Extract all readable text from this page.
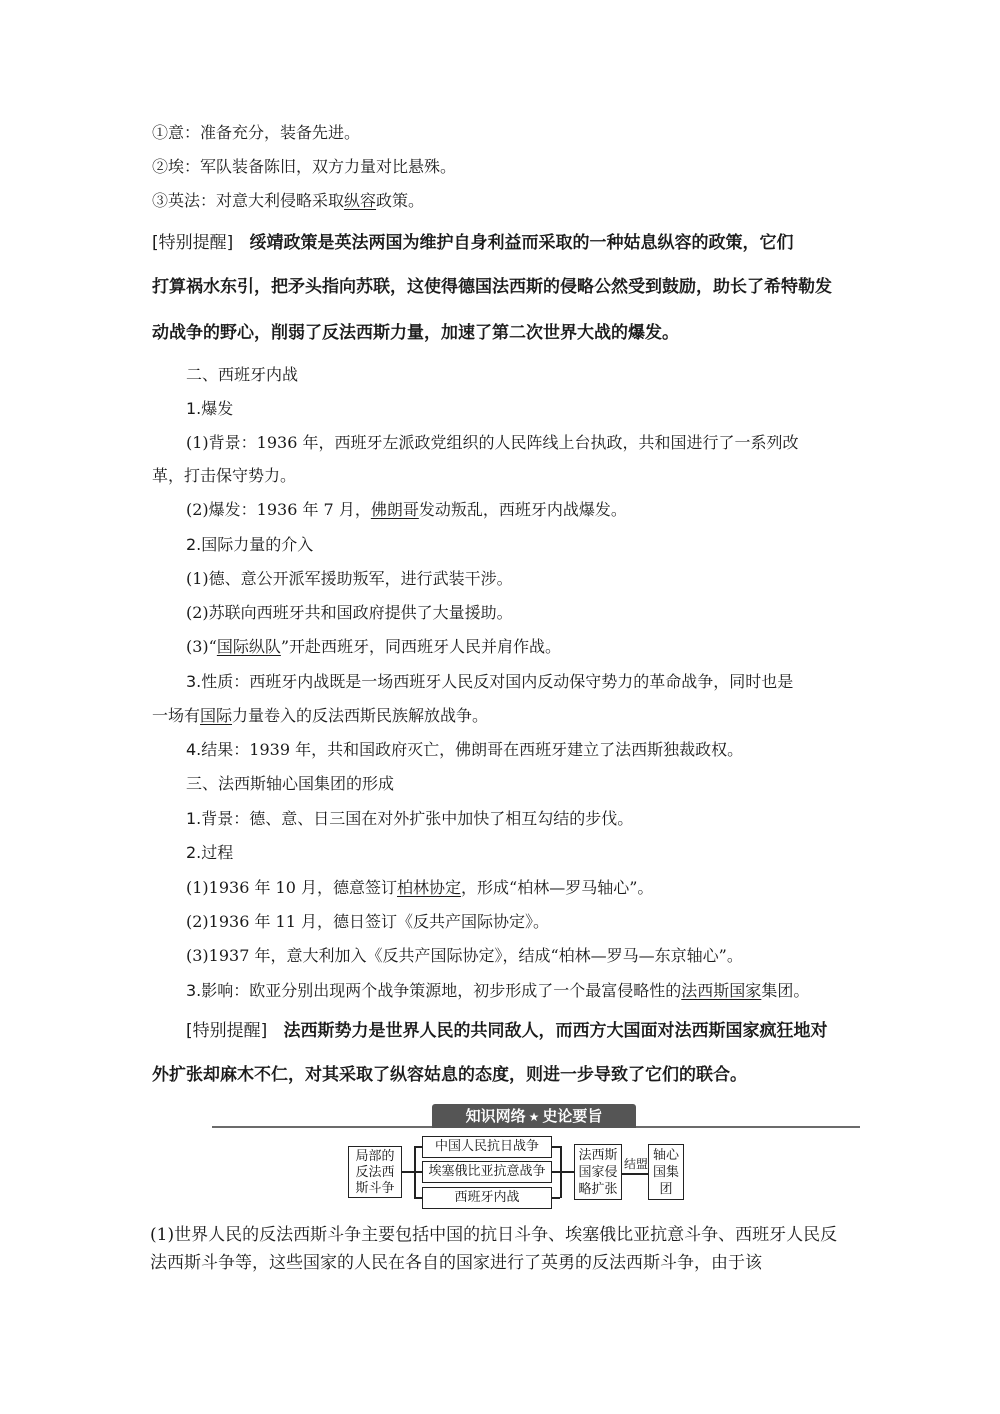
①意：准备充分，装备先进。
②埃：军队装备陈旧，双方力量对比悬殊。
③英法：对意大利侵略采取纵容政策。
[特别提醒] 绥靖政策是英法两国为维护自身利益而采取的一种姑息纵容的政策，它们
打算祸水东引，把矛头指向苏联，这使得德国法西斯的侵略公然受到鼓励，助长了希特勒发
动战争的野心，削弱了反法西斯力量，加速了第二次世界大战的爆发。
二、西班牙内战
1.爆发
(1)背景：1936 年，西班牙左派政党组织的人民阵线上台执政，共和国进行了一系列改
革，打击保守势力。
(2)爆发：1936 年 7 月，佛朗哥发动叛乱，西班牙内战爆发。
2.国际力量的介入
(1)德、意公开派军援助叛军，进行武装干涉。
(2)苏联向西班牙共和国政府提供了大量援助。
(3)“国际纵队”开赴西班牙，同西班牙人民并肩作战。
3.性质：西班牙内战既是一场西班牙人民反对国内反动保守势力的革命战争，同时也是
一场有国际力量卷入的反法西斯民族解放战争。
4.结果：1939 年，共和国政府灭亡，佛朗哥在西班牙建立了法西斯独裁政权。
三、法西斯轴心国集团的形成
1.背景：德、意、日三国在对外扩张中加快了相互勾结的步伐。
2.过程
(1)1936 年 10 月，德意签订柏林协定，形成“柏林—罗马轴心”。
(2)1936 年 11 月，德日签订《反共产国际协定》。
(3)1937 年，意大利加入《反共产国际协定》，结成“柏林—罗马—东京轴心”。
3.影响：欧亚分别出现两个战争策源地，初步形成了一个最富侵略性的法西斯国家集团。
[特别提醒] 法西斯势力是世界人民的共同敌人，而西方大国面对法西斯国家疯狂地对
外扩张却麻木不仁，对其采取了纵容姑息的态度，则进一步导致了它们的联合。
知识网络 ★ 史论要旨
局部的
反法西
斯斗争
中国人民抗日战争
埃塞俄比亚抗意战争
西班牙内战
法西斯
国家侵
略扩张
结盟
轴心
国集
团
(1)世界人民的反法西斯斗争主要包括中国的抗日斗争、埃塞俄比亚抗意斗争、西班牙人民反
法西斯斗争等，这些国家的人民在各自的国家进行了英勇的反法西斯斗争，由于该
